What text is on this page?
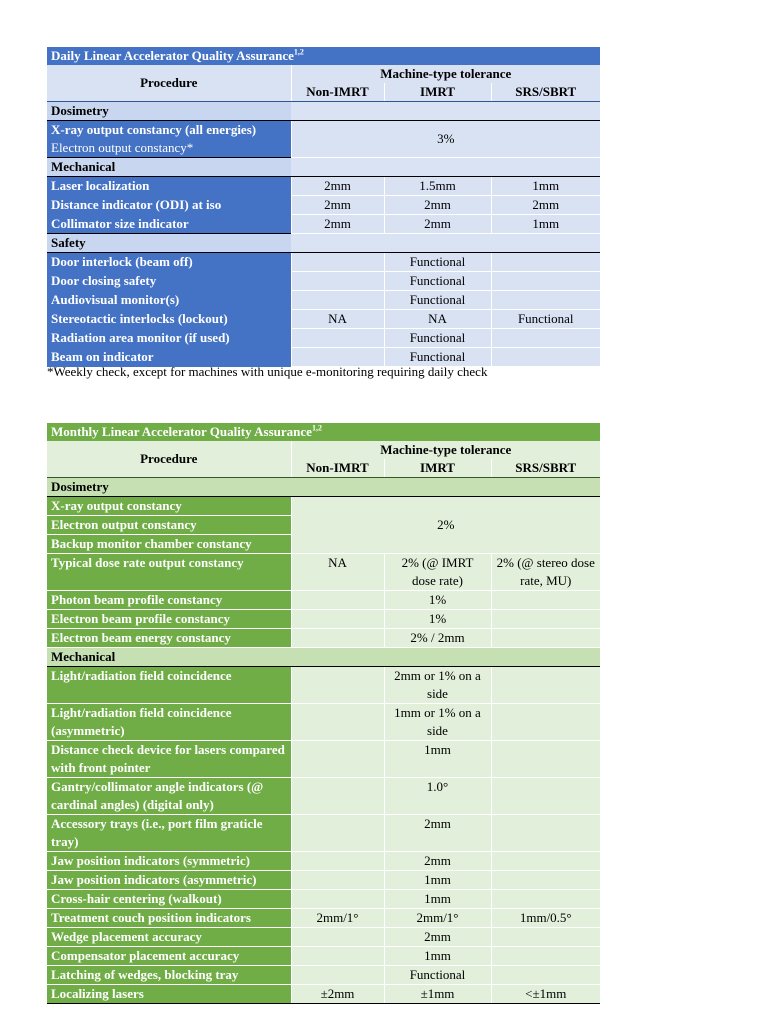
Daily Linear Accelerator Quality Assurance$^{1,2}$
Procedure	Machine-type tolerance		
	Non-IMRT	IMRT	SRS/SBRT
Dosimetry			
X-ray output constancy (all energies)	3%		
Electron output constancy*			
Mechanical			
Laser localization	2mm	1.5mm	1mm
Distance indicator (ODI) at iso	2mm	2mm	2mm
Collimator size indicator	2mm	2mm	1mm
Safety			
Door interlock (beam off)		Functional	
Door closing safety		Functional	
Audiovisual monitor(s)		Functional	
Stereotactic interlocks (lockout)	NA	NA	Functional
Radiation area monitor (if used)		Functional	
Beam on indicator		Functional	
*Weekly check, except for machines with unique e-monitoring requiring daily check
Monthly Linear Accelerator Quality Assurance$^{1,2}$
Procedure	Machine-type tolerance		
	Non-IMRT	IMRT	SRS/SBRT
Dosimetry			
X-ray output constancy	2%		
Electron output constancy			
Backup monitor chamber constancy			
Typical dose rate output constancy	NA	2% (@ IMRT dose rate)	2% (@ stereo dose rate, MU)
Photon beam profile constancy		1%	
Electron beam profile constancy		1%	
Electron beam energy constancy		2% / 2mm	
Mechanical			
Light/radiation field coincidence		2mm or 1% on a side	
Light/radiation field coincidence (asymmetric)		1mm or 1% on a side	
Distance check device for lasers compared with front pointer		1mm	
Gantry/collimator angle indicators (@ cardinal angles) (digital only)		1.0°	
Accessory trays (i.e., port film graticle tray)		2mm	
Jaw position indicators (symmetric)		2mm	
Jaw position indicators (asymmetric)		1mm	
Cross-hair centering (walkout)		1mm	
Treatment couch position indicators	2mm/1°	2mm/1°	1mm/0.5°
Wedge placement accuracy		2mm	
Compensator placement accuracy		1mm	
Latching of wedges, blocking tray		Functional	
Localizing lasers	±2mm	±1mm	<±1mm
